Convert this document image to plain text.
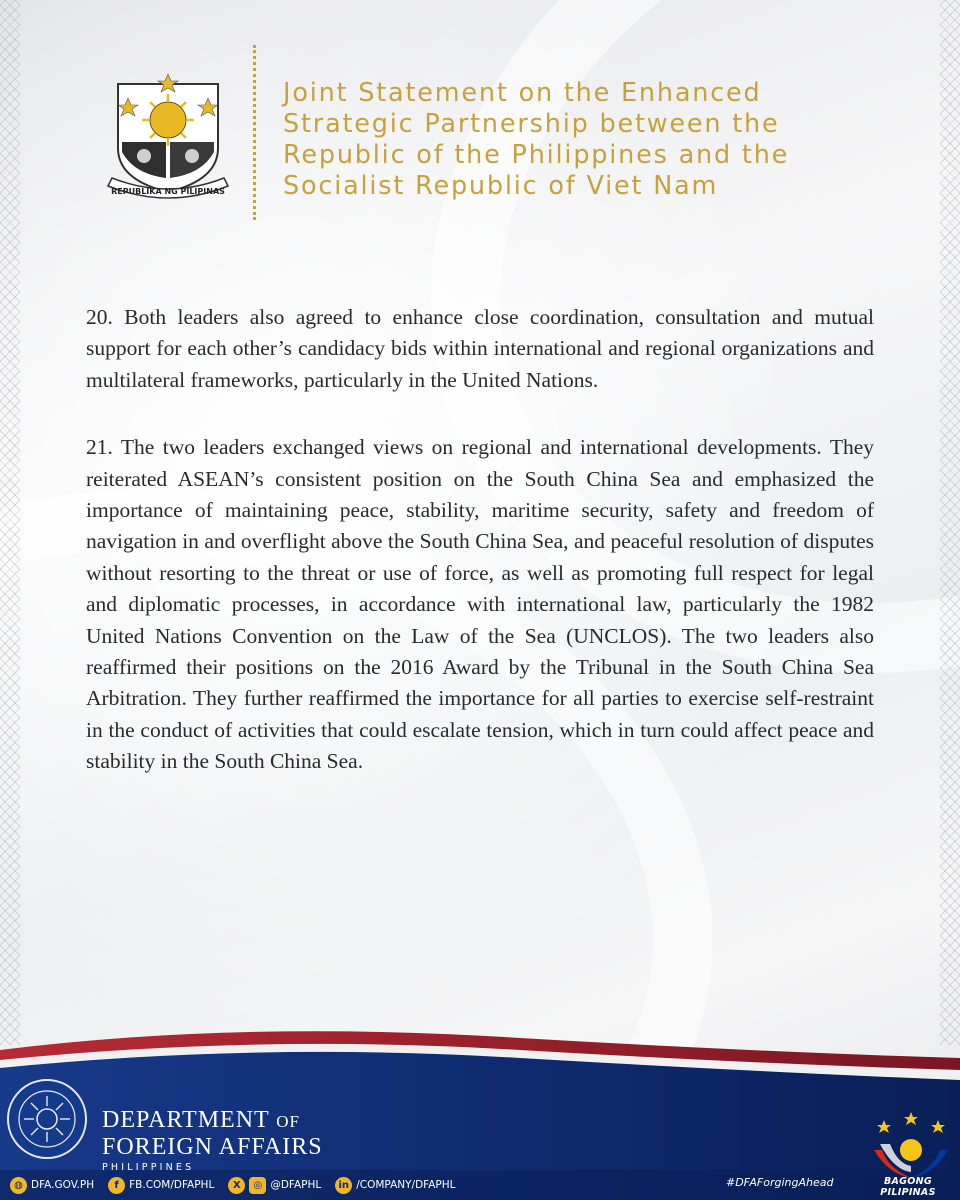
REPUBLIKA NG PILIPINAS
Joint Statement on the Enhanced
Strategic Partnership between the
Republic of the Philippines and the
Socialist Republic of Viet Nam

20. Both leaders also agreed to enhance close coordination, consultation and mutual support for each other’s candidacy bids within international and regional organizations and multilateral frameworks, particularly in the United Nations.

21. The two leaders exchanged views on regional and international developments. They reiterated ASEAN’s consistent position on the South China Sea and emphasized the importance of maintaining peace, stability, maritime security, safety and freedom of navigation in and overflight above the South China Sea, and peaceful resolution of disputes without resorting to the threat or use of force, as well as promoting full respect for legal and diplomatic processes, in accordance with international law, particularly the 1982 United Nations Convention on the Law of the Sea (UNCLOS). The two leaders also reaffirmed their positions on the 2016 Award by the Tribunal in the South China Sea Arbitration. They further reaffirmed the importance for all parties to exercise self-restraint in the conduct of activities that could escalate tension, which in turn could affect peace and stability in the South China Sea.

DEPARTMENT OF
FOREIGN AFFAIRS
PHILIPPINES
◍ DFA.GOV.PH	f FB.COM/DFAPHL	X	◎ @DFAPHL	in /COMPANY/DFAPHL	#DFAForgingAhead	BAGONG PILIPINAS
